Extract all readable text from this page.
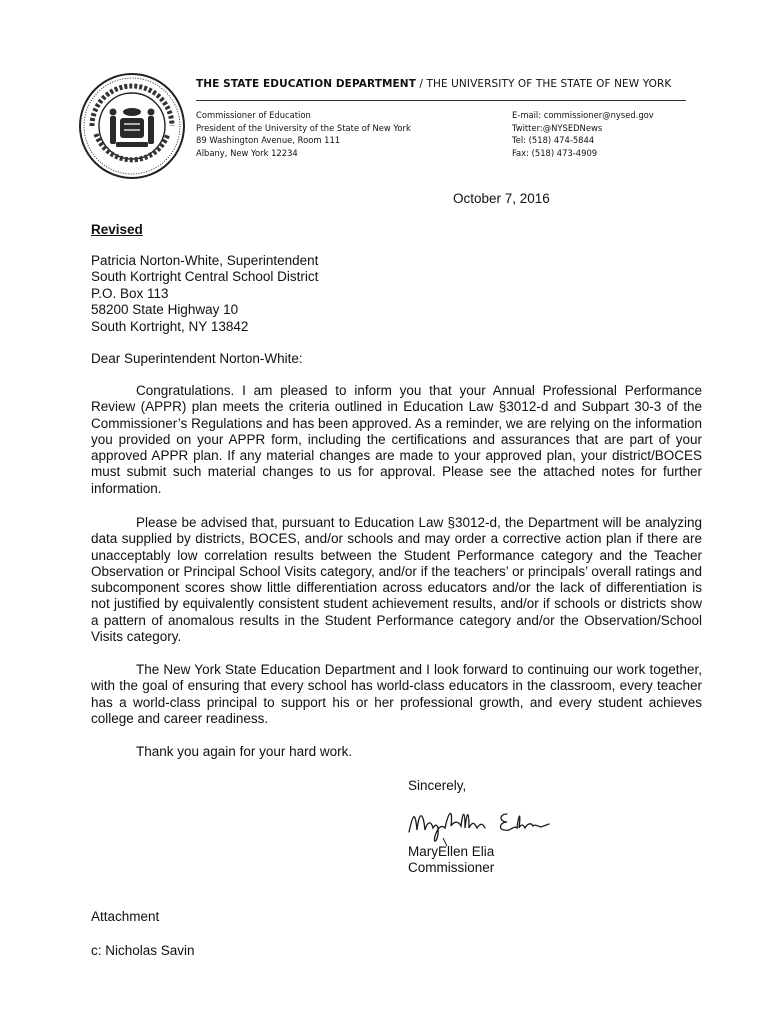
THE STATE EDUCATION DEPARTMENT / THE UNIVERSITY OF THE STATE OF NEW YORK
Commissioner of Education
President of the University of the State of New York
89 Washington Avenue, Room 111
Albany, New York 12234
E-mail: commissioner@nysed.gov
Twitter:@NYSEDNews
Tel: (518) 474-5844
Fax: (518) 473-4909
October 7, 2016
Revised
Patricia Norton-White, Superintendent
South Kortright Central School District
P.O. Box 113
58200 State Highway 10
South Kortright, NY 13842
Dear Superintendent Norton-White:

Congratulations. I am pleased to inform you that your Annual Professional Performance Review (APPR) plan meets the criteria outlined in Education Law §3012-d and Subpart 30-3 of the Commissioner’s Regulations and has been approved. As a reminder, we are relying on the information you provided on your APPR form, including the certifications and assurances that are part of your approved APPR plan. If any material changes are made to your approved plan, your district/BOCES must submit such material changes to us for approval. Please see the attached notes for further information.

Please be advised that, pursuant to Education Law §3012-d, the Department will be analyzing data supplied by districts, BOCES, and/or schools and may order a corrective action plan if there are unacceptably low correlation results between the Student Performance category and the Teacher Observation or Principal School Visits category, and/or if the teachers’ or principals’ overall ratings and subcomponent scores show little differentiation across educators and/or the lack of differentiation is not justified by equivalently consistent student achievement results, and/or if schools or districts show a pattern of anomalous results in the Student Performance category and/or the Observation/School Visits category.

The New York State Education Department and I look forward to continuing our work together, with the goal of ensuring that every school has world-class educators in the classroom, every teacher has a world-class principal to support his or her professional growth, and every student achieves college and career readiness.

Thank you again for your hard work.

Sincerely,
MaryEllen Elia
Commissioner
Attachment
c: Nicholas Savin
